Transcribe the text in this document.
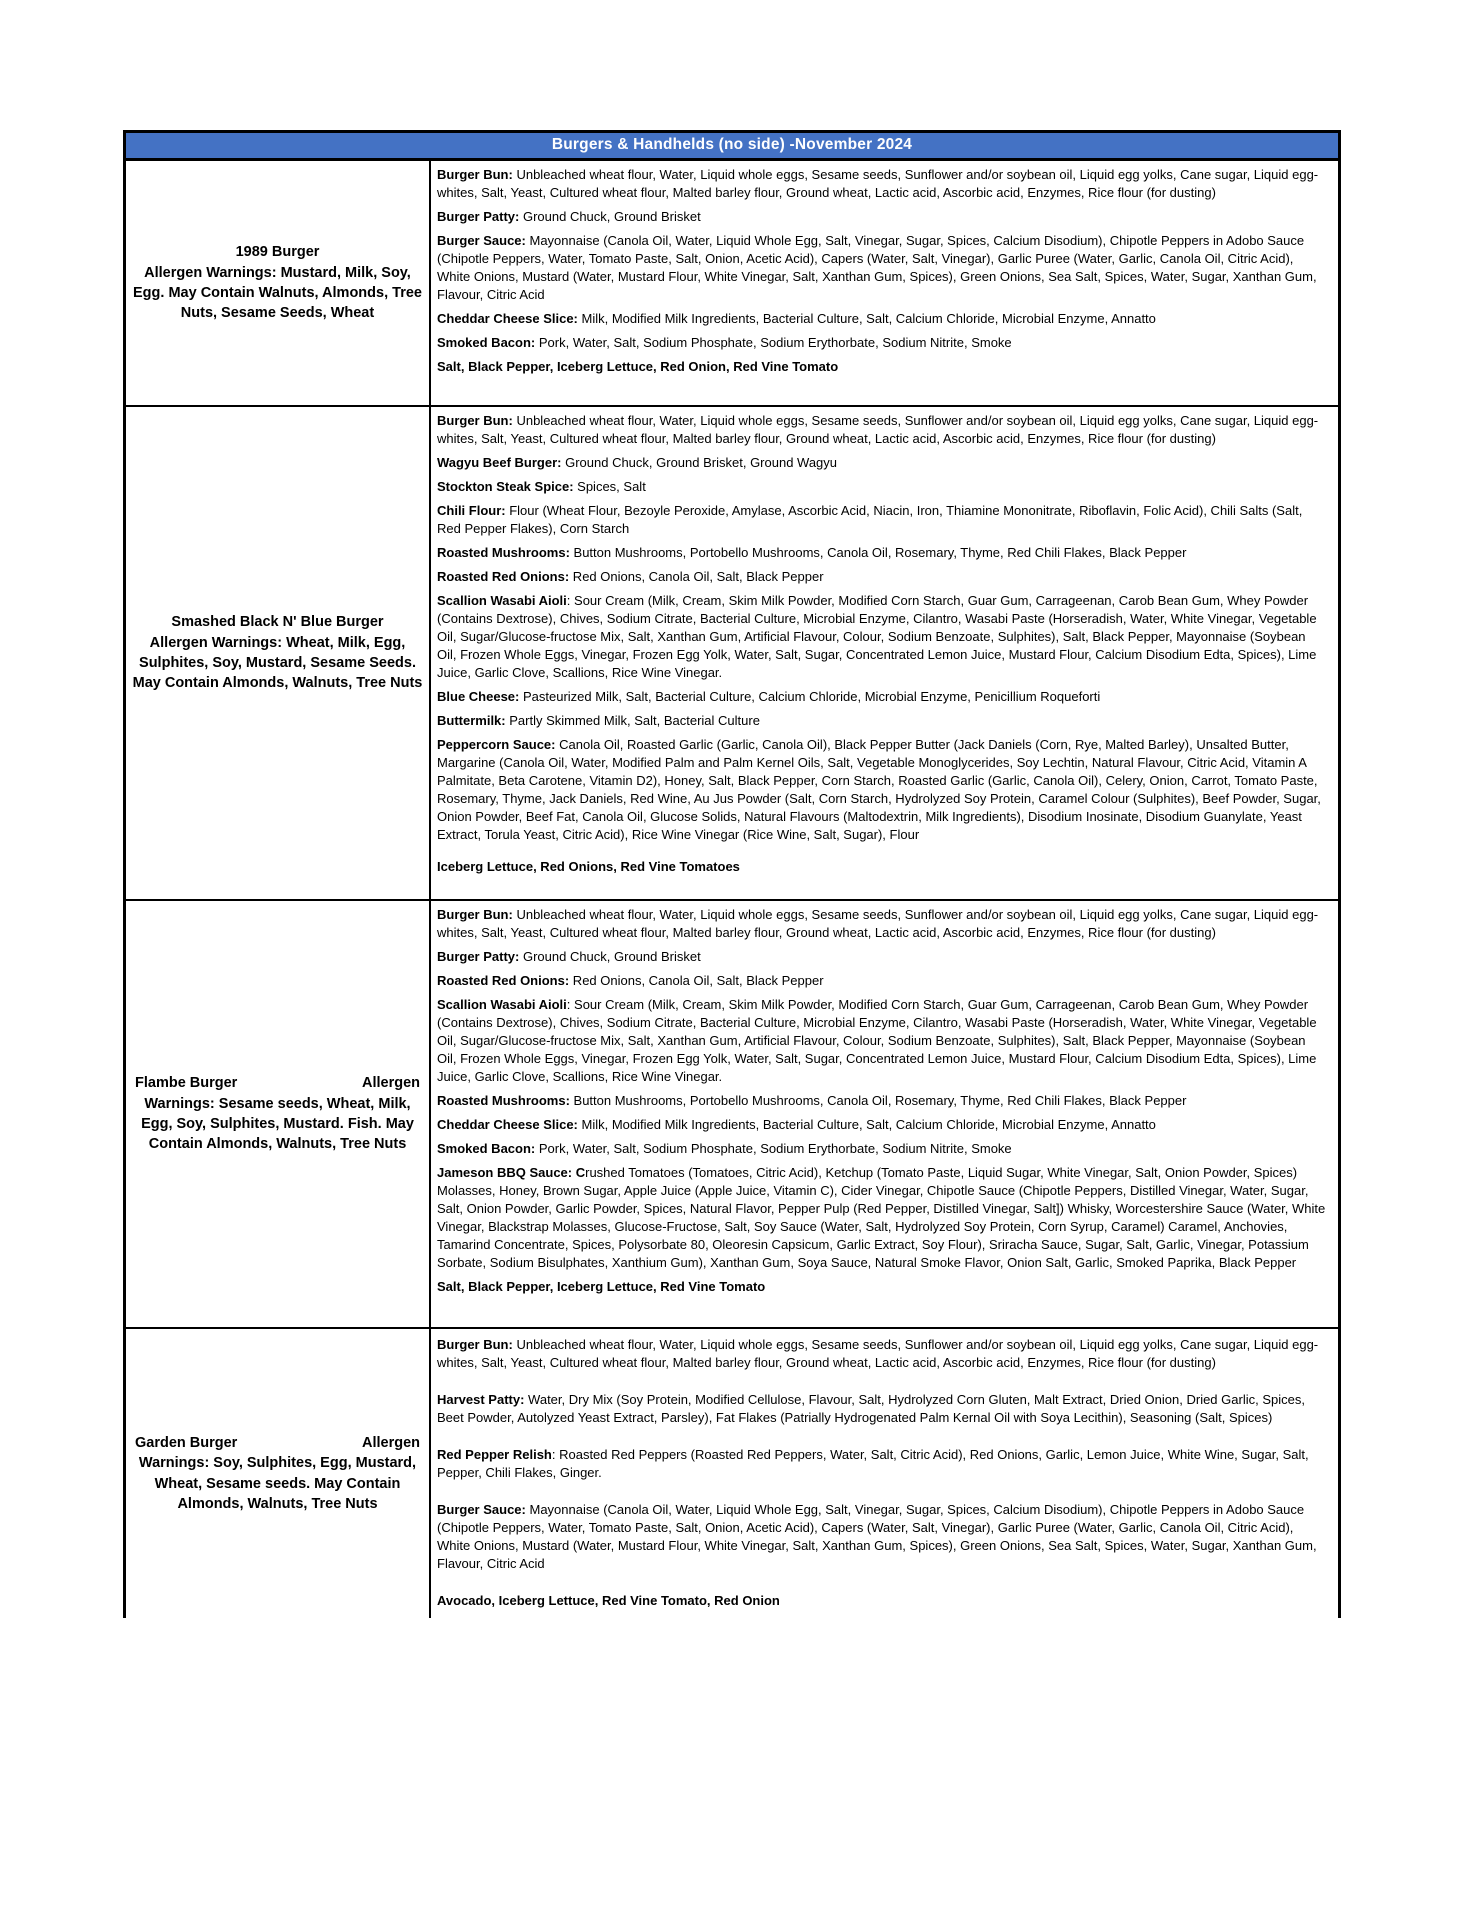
Burgers & Handhelds (no side) -November 2024
1989 Burger
Allergen Warnings: Mustard, Milk, Soy, Egg. May Contain Walnuts, Almonds, Tree Nuts, Sesame Seeds, Wheat

Burger Bun: Unbleached wheat flour, Water, Liquid whole eggs, Sesame seeds, Sunflower and/or soybean oil, Liquid egg yolks, Cane sugar, Liquid egg-whites, Salt, Yeast, Cultured wheat flour, Malted barley flour, Ground wheat, Lactic acid, Ascorbic acid, Enzymes, Rice flour (for dusting)

Burger Patty: Ground Chuck, Ground Brisket

Burger Sauce: Mayonnaise (Canola Oil, Water, Liquid Whole Egg, Salt, Vinegar, Sugar, Spices, Calcium Disodium), Chipotle Peppers in Adobo Sauce (Chipotle Peppers, Water, Tomato Paste, Salt, Onion, Acetic Acid), Capers (Water, Salt, Vinegar), Garlic Puree (Water, Garlic, Canola Oil, Citric Acid), White Onions, Mustard (Water, Mustard Flour, White Vinegar, Salt, Xanthan Gum, Spices), Green Onions, Sea Salt, Spices, Water, Sugar, Xanthan Gum, Flavour, Citric Acid

Cheddar Cheese Slice: Milk, Modified Milk Ingredients, Bacterial Culture, Salt, Calcium Chloride, Microbial Enzyme, Annatto

Smoked Bacon: Pork, Water, Salt, Sodium Phosphate, Sodium Erythorbate, Sodium Nitrite, Smoke

Salt, Black Pepper, Iceberg Lettuce, Red Onion, Red Vine Tomato

Smashed Black N' Blue Burger
Allergen Warnings: Wheat, Milk, Egg, Sulphites, Soy, Mustard, Sesame Seeds. May Contain Almonds, Walnuts, Tree Nuts

Burger Bun: Unbleached wheat flour, Water, Liquid whole eggs, Sesame seeds, Sunflower and/or soybean oil, Liquid egg yolks, Cane sugar, Liquid egg-whites, Salt, Yeast, Cultured wheat flour, Malted barley flour, Ground wheat, Lactic acid, Ascorbic acid, Enzymes, Rice flour (for dusting)

Wagyu Beef Burger: Ground Chuck, Ground Brisket, Ground Wagyu

Stockton Steak Spice: Spices, Salt

Chili Flour: Flour (Wheat Flour, Bezoyle Peroxide, Amylase, Ascorbic Acid, Niacin, Iron, Thiamine Mononitrate, Riboflavin, Folic Acid), Chili Salts (Salt, Red Pepper Flakes), Corn Starch

Roasted Mushrooms: Button Mushrooms, Portobello Mushrooms, Canola Oil, Rosemary, Thyme, Red Chili Flakes, Black Pepper

Roasted Red Onions: Red Onions, Canola Oil, Salt, Black Pepper

Scallion Wasabi Aioli: Sour Cream (Milk, Cream, Skim Milk Powder, Modified Corn Starch, Guar Gum, Carrageenan, Carob Bean Gum, Whey Powder (Contains Dextrose), Chives, Sodium Citrate, Bacterial Culture, Microbial Enzyme, Cilantro, Wasabi Paste (Horseradish, Water, White Vinegar, Vegetable Oil, Sugar/Glucose-fructose Mix, Salt, Xanthan Gum, Artificial Flavour, Colour, Sodium Benzoate, Sulphites), Salt, Black Pepper, Mayonnaise (Soybean Oil, Frozen Whole Eggs, Vinegar, Frozen Egg Yolk, Water, Salt, Sugar, Concentrated Lemon Juice, Mustard Flour, Calcium Disodium Edta, Spices), Lime Juice, Garlic Clove, Scallions, Rice Wine Vinegar.

Blue Cheese: Pasteurized Milk, Salt, Bacterial Culture, Calcium Chloride, Microbial Enzyme, Penicillium Roqueforti

Buttermilk: Partly Skimmed Milk, Salt, Bacterial Culture

Peppercorn Sauce: Canola Oil, Roasted Garlic (Garlic, Canola Oil), Black Pepper Butter (Jack Daniels (Corn, Rye, Malted Barley), Unsalted Butter, Margarine (Canola Oil, Water, Modified Palm and Palm Kernel Oils, Salt, Vegetable Monoglycerides, Soy Lechtin, Natural Flavour, Citric Acid, Vitamin A Palmitate, Beta Carotene, Vitamin D2), Honey, Salt, Black Pepper, Corn Starch, Roasted Garlic (Garlic, Canola Oil), Celery, Onion, Carrot, Tomato Paste, Rosemary, Thyme, Jack Daniels, Red Wine, Au Jus Powder (Salt, Corn Starch, Hydrolyzed Soy Protein, Caramel Colour (Sulphites), Beef Powder, Sugar, Onion Powder, Beef Fat, Canola Oil, Glucose Solids, Natural Flavours (Maltodextrin, Milk Ingredients), Disodium Inosinate, Disodium Guanylate, Yeast Extract, Torula Yeast, Citric Acid), Rice Wine Vinegar (Rice Wine, Salt, Sugar), Flour

Iceberg Lettuce, Red Onions, Red Vine Tomatoes

Flambe Burger	Allergen
Warnings: Sesame seeds, Wheat, Milk, Egg, Soy, Sulphites, Mustard. Fish. May Contain Almonds, Walnuts, Tree Nuts

Burger Bun: Unbleached wheat flour, Water, Liquid whole eggs, Sesame seeds, Sunflower and/or soybean oil, Liquid egg yolks, Cane sugar, Liquid egg-whites, Salt, Yeast, Cultured wheat flour, Malted barley flour, Ground wheat, Lactic acid, Ascorbic acid, Enzymes, Rice flour (for dusting)

Burger Patty: Ground Chuck, Ground Brisket

Roasted Red Onions: Red Onions, Canola Oil, Salt, Black Pepper

Scallion Wasabi Aioli: Sour Cream (Milk, Cream, Skim Milk Powder, Modified Corn Starch, Guar Gum, Carrageenan, Carob Bean Gum, Whey Powder (Contains Dextrose), Chives, Sodium Citrate, Bacterial Culture, Microbial Enzyme, Cilantro, Wasabi Paste (Horseradish, Water, White Vinegar, Vegetable Oil, Sugar/Glucose-fructose Mix, Salt, Xanthan Gum, Artificial Flavour, Colour, Sodium Benzoate, Sulphites), Salt, Black Pepper, Mayonnaise (Soybean Oil, Frozen Whole Eggs, Vinegar, Frozen Egg Yolk, Water, Salt, Sugar, Concentrated Lemon Juice, Mustard Flour, Calcium Disodium Edta, Spices), Lime Juice, Garlic Clove, Scallions, Rice Wine Vinegar.

Roasted Mushrooms: Button Mushrooms, Portobello Mushrooms, Canola Oil, Rosemary, Thyme, Red Chili Flakes, Black Pepper

Cheddar Cheese Slice: Milk, Modified Milk Ingredients, Bacterial Culture, Salt, Calcium Chloride, Microbial Enzyme, Annatto

Smoked Bacon: Pork, Water, Salt, Sodium Phosphate, Sodium Erythorbate, Sodium Nitrite, Smoke

Jameson BBQ Sauce: Crushed Tomatoes (Tomatoes, Citric Acid), Ketchup (Tomato Paste, Liquid Sugar, White Vinegar, Salt, Onion Powder, Spices) Molasses, Honey, Brown Sugar, Apple Juice (Apple Juice, Vitamin C), Cider Vinegar, Chipotle Sauce (Chipotle Peppers, Distilled Vinegar, Water, Sugar, Salt, Onion Powder, Garlic Powder, Spices, Natural Flavor, Pepper Pulp (Red Pepper, Distilled Vinegar, Salt]) Whisky, Worcestershire Sauce (Water, White Vinegar, Blackstrap Molasses, Glucose-Fructose, Salt, Soy Sauce (Water, Salt, Hydrolyzed Soy Protein, Corn Syrup, Caramel) Caramel, Anchovies, Tamarind Concentrate, Spices, Polysorbate 80, Oleoresin Capsicum, Garlic Extract, Soy Flour), Sriracha Sauce, Sugar, Salt, Garlic, Vinegar, Potassium Sorbate, Sodium Bisulphates, Xanthium Gum), Xanthan Gum, Soya Sauce, Natural Smoke Flavor, Onion Salt, Garlic, Smoked Paprika, Black Pepper

Salt, Black Pepper, Iceberg Lettuce, Red Vine Tomato

Garden Burger	Allergen
Warnings: Soy, Sulphites, Egg, Mustard, Wheat, Sesame seeds. May Contain Almonds, Walnuts, Tree Nuts

Burger Bun: Unbleached wheat flour, Water, Liquid whole eggs, Sesame seeds, Sunflower and/or soybean oil, Liquid egg yolks, Cane sugar, Liquid egg-whites, Salt, Yeast, Cultured wheat flour, Malted barley flour, Ground wheat, Lactic acid, Ascorbic acid, Enzymes, Rice flour (for dusting)

Harvest Patty: Water, Dry Mix (Soy Protein, Modified Cellulose, Flavour, Salt, Hydrolyzed Corn Gluten, Malt Extract, Dried Onion, Dried Garlic, Spices, Beet Powder, Autolyzed Yeast Extract, Parsley), Fat Flakes (Patrially Hydrogenated Palm Kernal Oil with Soya Lecithin), Seasoning (Salt, Spices)

Red Pepper Relish: Roasted Red Peppers (Roasted Red Peppers, Water, Salt, Citric Acid), Red Onions, Garlic, Lemon Juice, White Wine, Sugar, Salt, Pepper, Chili Flakes, Ginger.

Burger Sauce: Mayonnaise (Canola Oil, Water, Liquid Whole Egg, Salt, Vinegar, Sugar, Spices, Calcium Disodium), Chipotle Peppers in Adobo Sauce (Chipotle Peppers, Water, Tomato Paste, Salt, Onion, Acetic Acid), Capers (Water, Salt, Vinegar), Garlic Puree (Water, Garlic, Canola Oil, Citric Acid), White Onions, Mustard (Water, Mustard Flour, White Vinegar, Salt, Xanthan Gum, Spices), Green Onions, Sea Salt, Spices, Water, Sugar, Xanthan Gum, Flavour, Citric Acid

Avocado, Iceberg Lettuce, Red Vine Tomato, Red Onion
